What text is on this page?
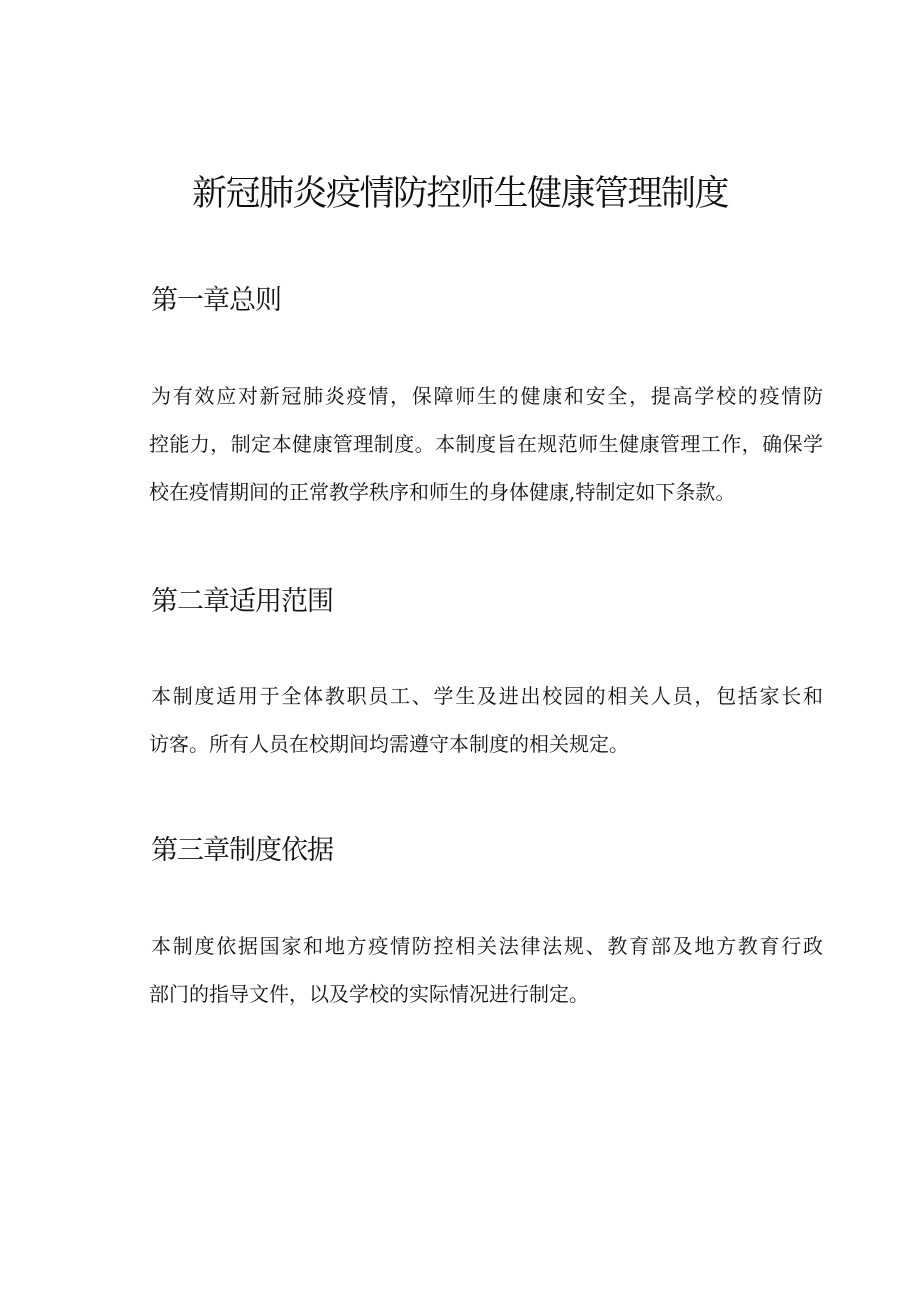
新冠肺炎疫情防控师生健康管理制度
第一章总则
为有效应对新冠肺炎疫情，保障师生的健康和安全，提高学校的疫情防
控能力，制定本健康管理制度。本制度旨在规范师生健康管理工作，确保学
校在疫情期间的正常教学秩序和师生的身体健康,特制定如下条款。
第二章适用范围
本制度适用于全体教职员工、学生及进出校园的相关人员，包括家长和
访客。所有人员在校期间均需遵守本制度的相关规定。
第三章制度依据
本制度依据国家和地方疫情防控相关法律法规、教育部及地方教育行政
部门的指导文件，以及学校的实际情况进行制定。
